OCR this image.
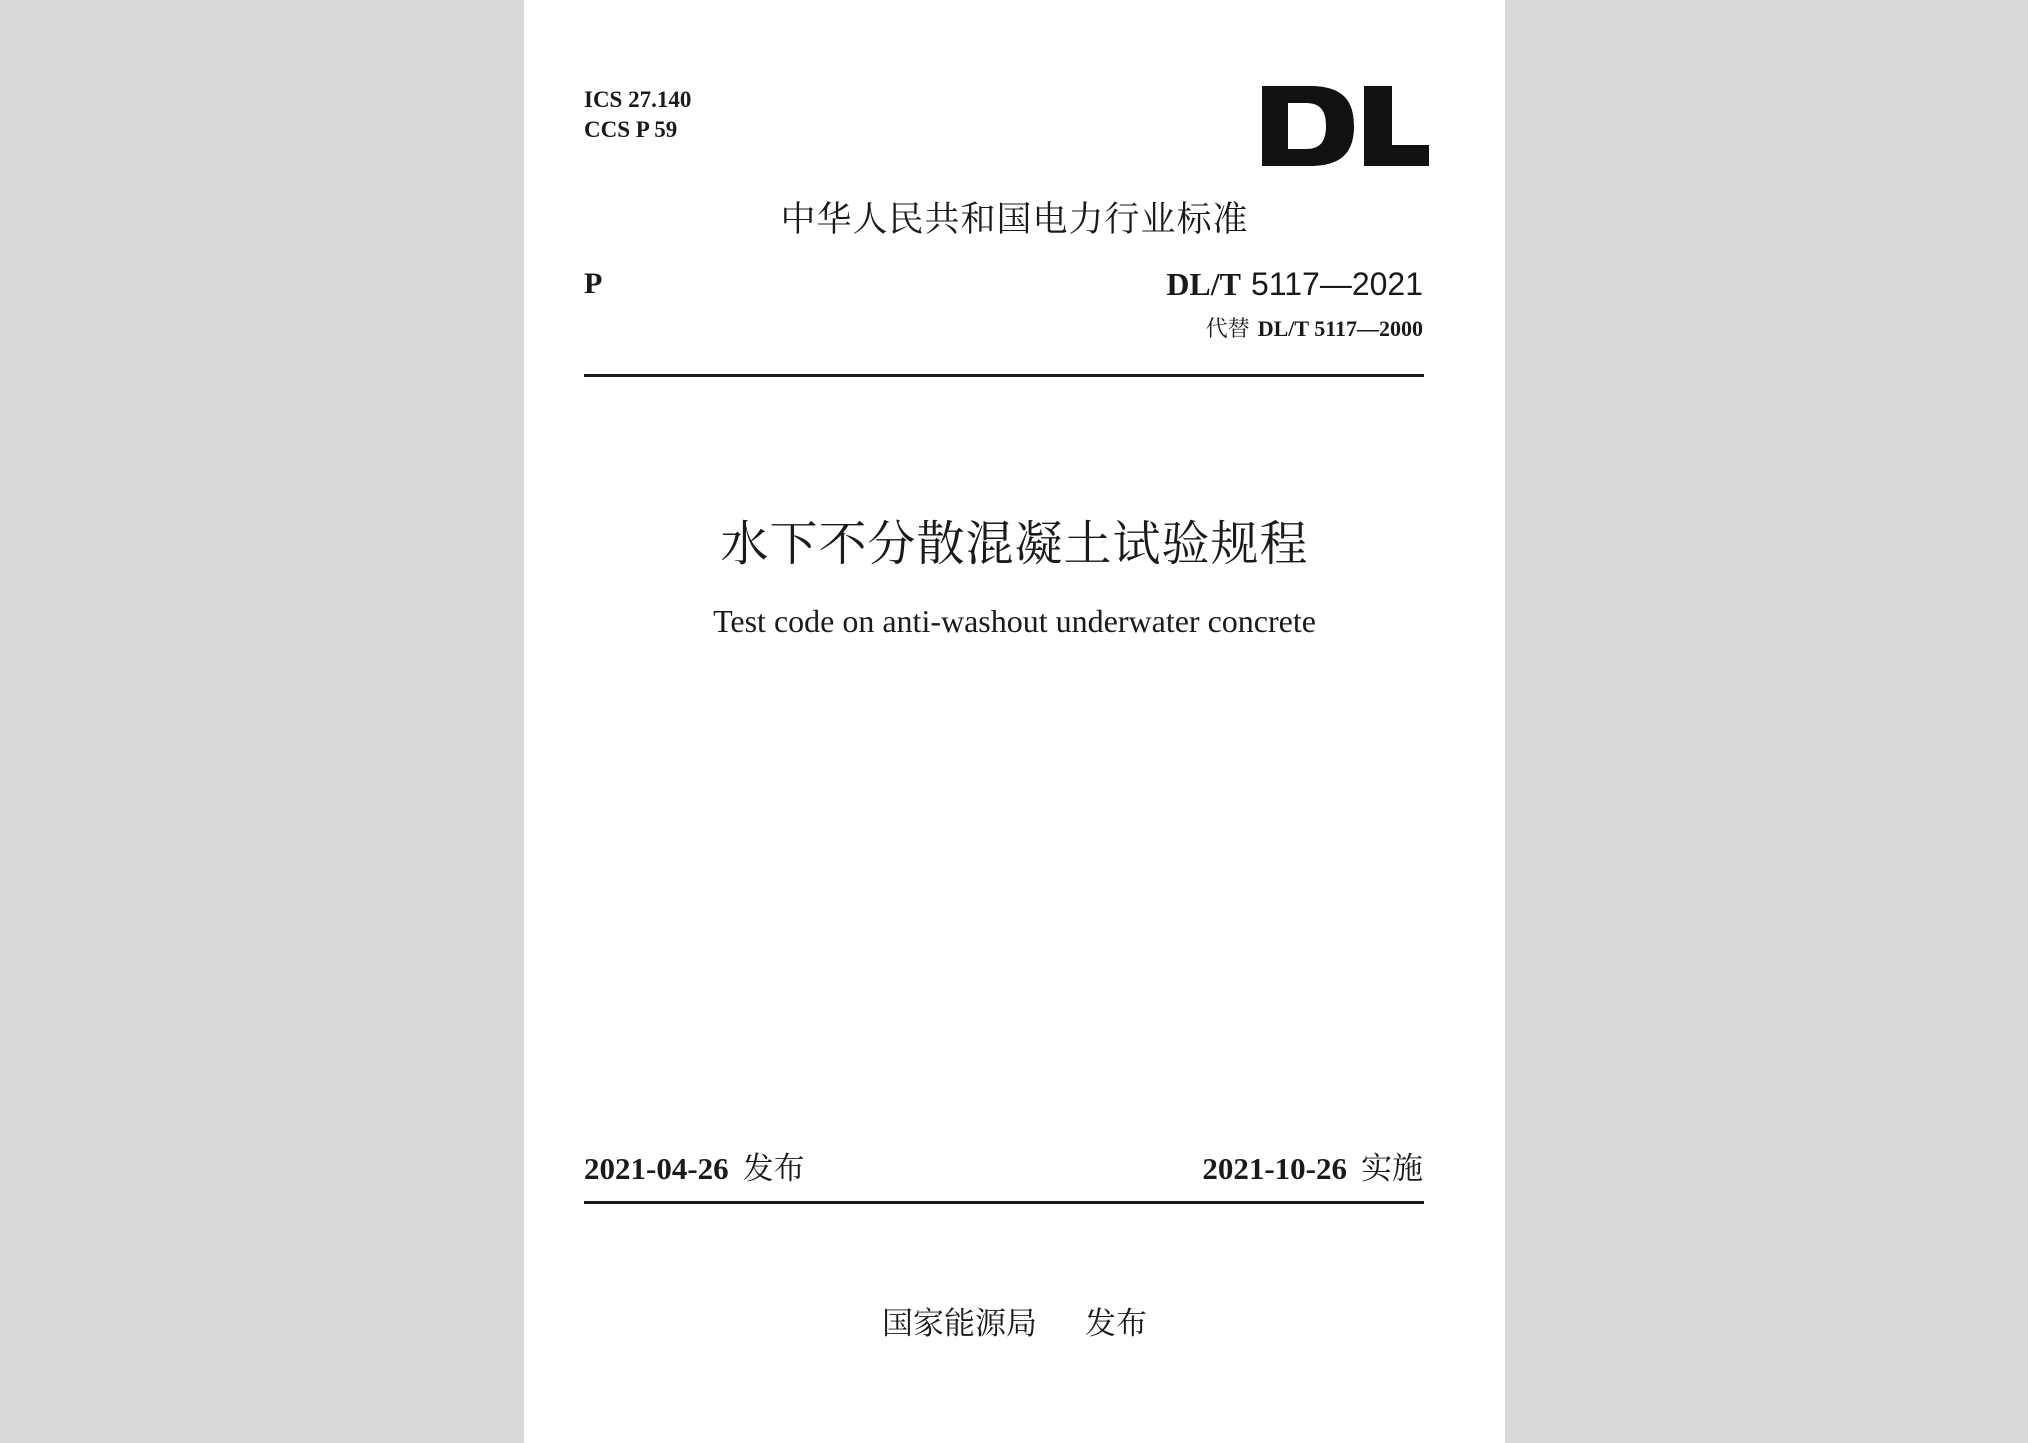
ICS 27.140
CCS P 59
中华人民共和国电力行业标准
P	DL/T 5117—2021
代替 DL/T 5117—2000
水下不分散混凝土试验规程
Test code on anti-washout underwater concrete
2021-04-26 发布	2021-10-26 实施
国家能源局 发布
